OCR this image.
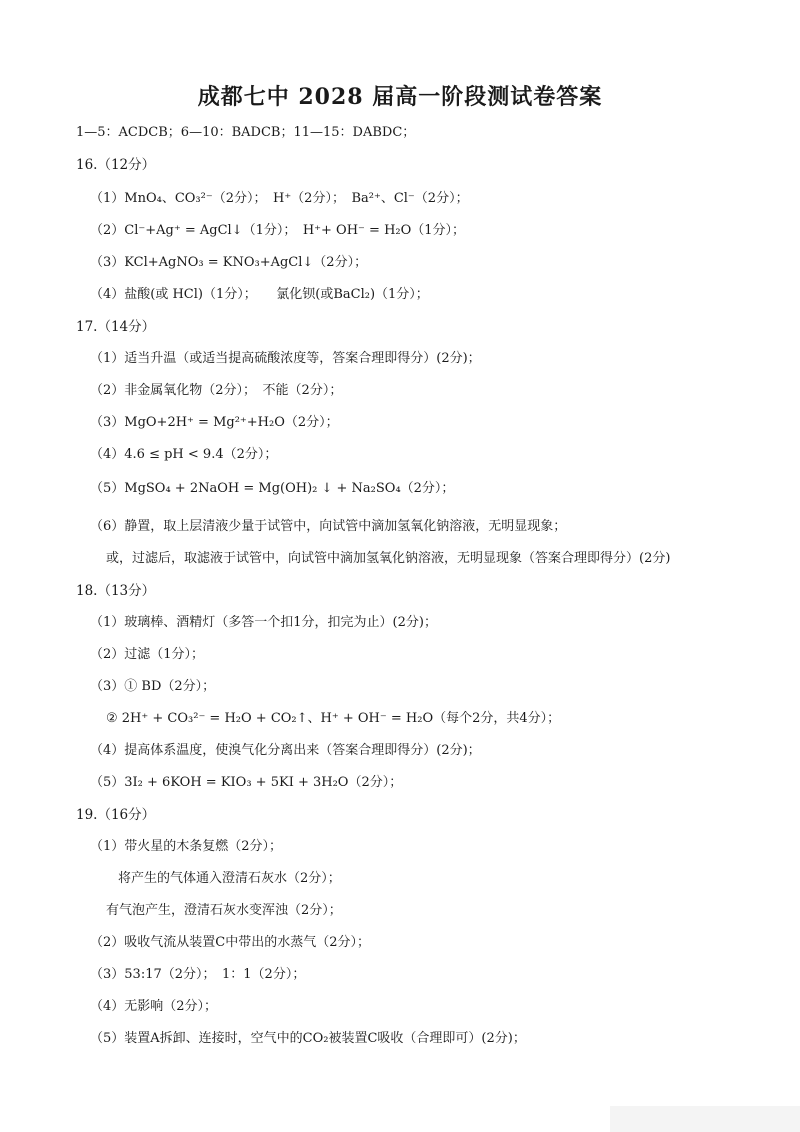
成都七中 2028 届高一阶段测试卷答案
1—5：ACDCB；6—10：BADCB；11—15：DABDC；
16.（12分）
（1）MnO₄、CO₃²⁻（2分）；　H⁺（2分）；　Ba²⁺、Cl⁻（2分）；
（2）Cl⁻+Ag⁺ = AgCl↓（1分）；　H⁺+ OH⁻ = H₂O（1分）；
（3）KCl+AgNO₃ = KNO₃+AgCl↓（2分）；
（4）盐酸(或 HCl)（1分）；　　氯化钡(或BaCl₂)（1分）；
17.（14分）
（1）适当升温（或适当提高硫酸浓度等，答案合理即得分）(2分)；
（2）非金属氧化物（2分）；　不能（2分）；
（3）MgO+2H⁺ = Mg²⁺+H₂O（2分）；
（4）4.6 ≤ pH < 9.4（2分）；
（5）MgSO₄ + 2NaOH = Mg(OH)₂ ↓ + Na₂SO₄（2分）；
（6）静置，取上层清液少量于试管中，向试管中滴加氢氧化钠溶液，无明显现象；
或，过滤后，取滤液于试管中，向试管中滴加氢氧化钠溶液，无明显现象（答案合理即得分）(2分)
18.（13分）
（1）玻璃棒、酒精灯（多答一个扣1分，扣完为止）(2分)；
（2）过滤（1分）；
（3）① BD（2分）；
② 2H⁺ + CO₃²⁻ = H₂O + CO₂↑、H⁺ + OH⁻ = H₂O（每个2分，共4分）；
（4）提高体系温度，使溴气化分离出来（答案合理即得分）(2分)；
（5）3I₂ + 6KOH = KIO₃ + 5KI + 3H₂O（2分）；
19.（16分）
（1）带火星的木条复燃（2分）；
将产生的气体通入澄清石灰水（2分）；
有气泡产生，澄清石灰水变浑浊（2分）；
（2）吸收气流从装置C中带出的水蒸气（2分）；
（3）53:17（2分）；　1：1（2分）；
（4）无影响（2分）；
（5）装置A拆卸、连接时，空气中的CO₂被装置C吸收（合理即可）(2分)；
